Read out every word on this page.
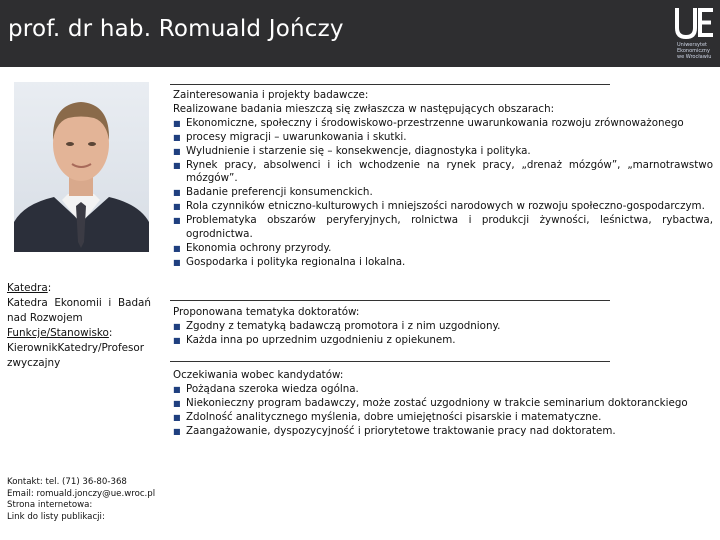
prof. dr hab. Romuald Jończy
Uniwersytet
Ekonomiczny
we Wrocławiu
Katedra:
Katedra Ekonomii i Badań nad Rozwojem
Funkcje/Stanowisko:
KierownikKatedry/Profesor zwyczajny
Kontakt: tel. (71) 36-80-368
Email: romuald.jonczy@ue.wroc.pl
Strona internetowa:
Link do listy publikacji:
Zainteresowania i projekty badawcze:
Realizowane badania mieszczą się zwłaszcza w następujących obszarach:
■ Ekonomiczne, społeczny i środowiskowo-przestrzenne uwarunkowania rozwoju zrównoważonego
■ procesy migracji – uwarunkowania i skutki.
■ Wyludnienie i starzenie się – konsekwencje, diagnostyka i polityka.
■ Rynek pracy, absolwenci i ich wchodzenie na rynek pracy, „drenaż mózgów”, „marnotrawstwo mózgów”.
■ Badanie preferencji konsumenckich.
■ Rola czynników etniczno-kulturowych i mniejszości narodowych w rozwoju społeczno-gospodarczym.
■ Problematyka obszarów peryferyjnych, rolnictwa i produkcji żywności, leśnictwa, rybactwa, ogrodnictwa.
■ Ekonomia ochrony przyrody.
■ Gospodarka i polityka regionalna i lokalna.
Proponowana tematyka doktoratów:
■ Zgodny z tematyką badawczą promotora i z nim uzgodniony.
■ Każda inna po uprzednim uzgodnieniu z opiekunem.
Oczekiwania wobec kandydatów:
■ Pożądana szeroka wiedza ogólna.
■ Niekonieczny program badawczy, może zostać uzgodniony w trakcie seminarium doktoranckiego
■ Zdolność analitycznego myślenia, dobre umiejętności pisarskie i matematyczne.
■ Zaangażowanie, dyspozycyjność i priorytetowe traktowanie pracy nad doktoratem.
